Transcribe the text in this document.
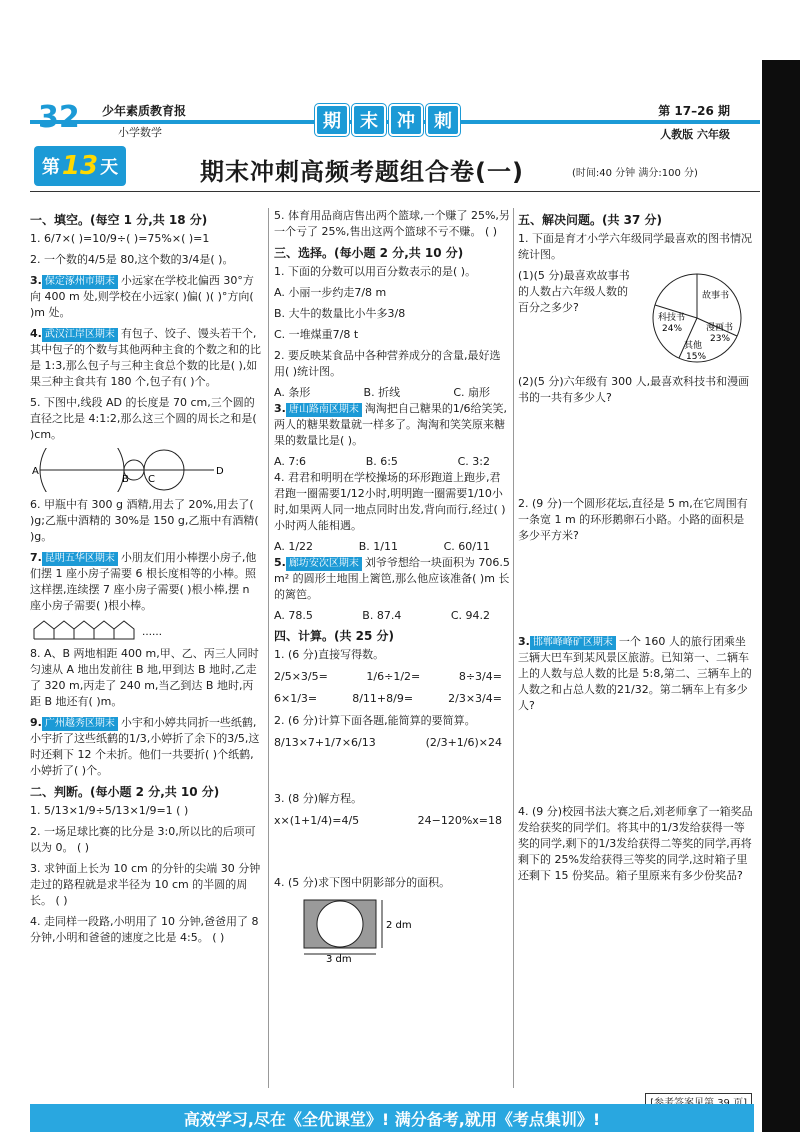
32 少年素质教育报
小学数学
期	末	冲	刺	第 17–26 期
人教版 六年级
第 13 天	期末冲刺高频考题组合卷(一)	(时间:40 分钟 满分:100 分)
一、填空。(每空 1 分,共 18 分)
1. 6/7×( )=10/9÷( )=75%×( )=1
2. 一个数的4/5是 80,这个数的3/4是( )。
3. 保定涿州市期末 小远家在学校北偏西 30°方向 400 m 处,则学校在小远家( )偏( )( )°方向( )m 处。
4. 武汉江岸区期末 有包子、饺子、馒头若干个,其中包子的个数与其他两种主食的个数之和的比是 1:3,那么包子与三种主食总个数的比是( ),如果三种主食共有 180 个,包子有( )个。
5. 下图中,线段 AD 的长度是 70 cm,三个圆的直径之比是 4:1:2,那么这三个圆的周长之和是( )cm。
A
B C
D
6. 甲瓶中有 300 g 酒精,用去了 20%,用去了( )g;乙瓶中酒精的 30%是 150 g,乙瓶中有酒精( )g。
7. 昆明五华区期末 小朋友们用小棒摆小房子,他们摆 1 座小房子需要 6 根长度相等的小棒。照这样摆,连续摆 7 座小房子需要( )根小棒,摆 n 座小房子需要( )根小棒。
……
8. A、B 两地相距 400 m,甲、乙、丙三人同时匀速从 A 地出发前往 B 地,甲到达 B 地时,乙走了 320 m,丙走了 240 m,当乙到达 B 地时,丙距 B 地还有( )m。
9. 广州越秀区期末 小宇和小婷共同折一些纸鹤,小宇折了这些纸鹤的1/3,小婷折了余下的3/5,这时还剩下 12 个未折。他们一共要折( )个纸鹤,小婷折了( )个。
二、判断。(每小题 2 分,共 10 分)
1. 5/13×1/9÷5/13×1/9=1 ( )
2. 一场足球比赛的比分是 3:0,所以比的后项可以为 0。 ( )
3. 求钟面上长为 10 cm 的分针的尖端 30 分钟走过的路程就是求半径为 10 cm 的半圆的周长。 ( )
4. 走同样一段路,小明用了 10 分钟,爸爸用了 8 分钟,小明和爸爸的速度之比是 4:5。 ( )
5. 体育用品商店售出两个篮球,一个赚了 25%,另一个亏了 25%,售出这两个篮球不亏不赚。 ( )
三、选择。(每小题 2 分,共 10 分)
1. 下面的分数可以用百分数表示的是( )。
A. 小丽一步约走7/8 m
B. 大牛的数量比小牛多3/8
C. 一堆煤重7/8 t
2. 要反映某食品中各种营养成分的含量,最好选用( )统计图。
A. 条形	B. 折线	C. 扇形
3. 唐山路南区期末 淘淘把自己糖果的1/6给笑笑,两人的糖果数量就一样多了。淘淘和笑笑原来糖果的数量比是( )。
A. 7:6	B. 6:5	C. 3:2
4. 君君和明明在学校操场的环形跑道上跑步,君君跑一圈需要1/12小时,明明跑一圈需要1/10小时,如果两人同一地点同时出发,背向而行,经过( )小时两人能相遇。
A. 1/22	B. 1/11	C. 60/11
5. 廊坊安次区期末 刘爷爷想给一块面积为 706.5 m² 的圆形土地围上篱笆,那么他应该准备( )m 长的篱笆。
A. 78.5	B. 87.4	C. 94.2
四、计算。(共 25 分)
1. (6 分)直接写得数。
2/5×3/5=	1/6÷1/2=	8÷3/4=
6×1/3=	8/11+8/9=	2/3×3/4=
2. (6 分)计算下面各题,能简算的要简算。
8/13×7+1/7×6/13	(2/3+1/6)×24
3. (8 分)解方程。
x×(1+1/4)=4/5	24−120%x=18
4. (5 分)求下图中阴影部分的面积。
2 dm
3 dm
五、解决问题。(共 37 分)
1. 下面是育才小学六年级同学最喜欢的图书情况统计图。
(1)(5 分)最喜欢故事书的人数占六年级人数的百分之多少?
故事书
科技书
24%	漫画书
23%
其他
15%
(2)(5 分)六年级有 300 人,最喜欢科技书和漫画书的一共有多少人?
2. (9 分)一个圆形花坛,直径是 5 m,在它周围有一条宽 1 m 的环形鹅卵石小路。小路的面积是多少平方米?
3. 邯郸峰峰矿区期末 一个 160 人的旅行团乘坐三辆大巴车到某风景区旅游。已知第一、二辆车上的人数与总人数的比是 5:8,第二、三辆车上的人数之和占总人数的21/32。第二辆车上有多少人?
4. (9 分)校园书法大赛之后,刘老师拿了一箱奖品发给获奖的同学们。将其中的1/3发给获得一等奖的同学,剩下的1/3发给获得二等奖的同学,再将剩下的 25%发给获得三等奖的同学,这时箱子里还剩下 15 份奖品。箱子里原来有多少份奖品?
高效学习,尽在《全优课堂》! 满分备考,就用《考点集训》!
